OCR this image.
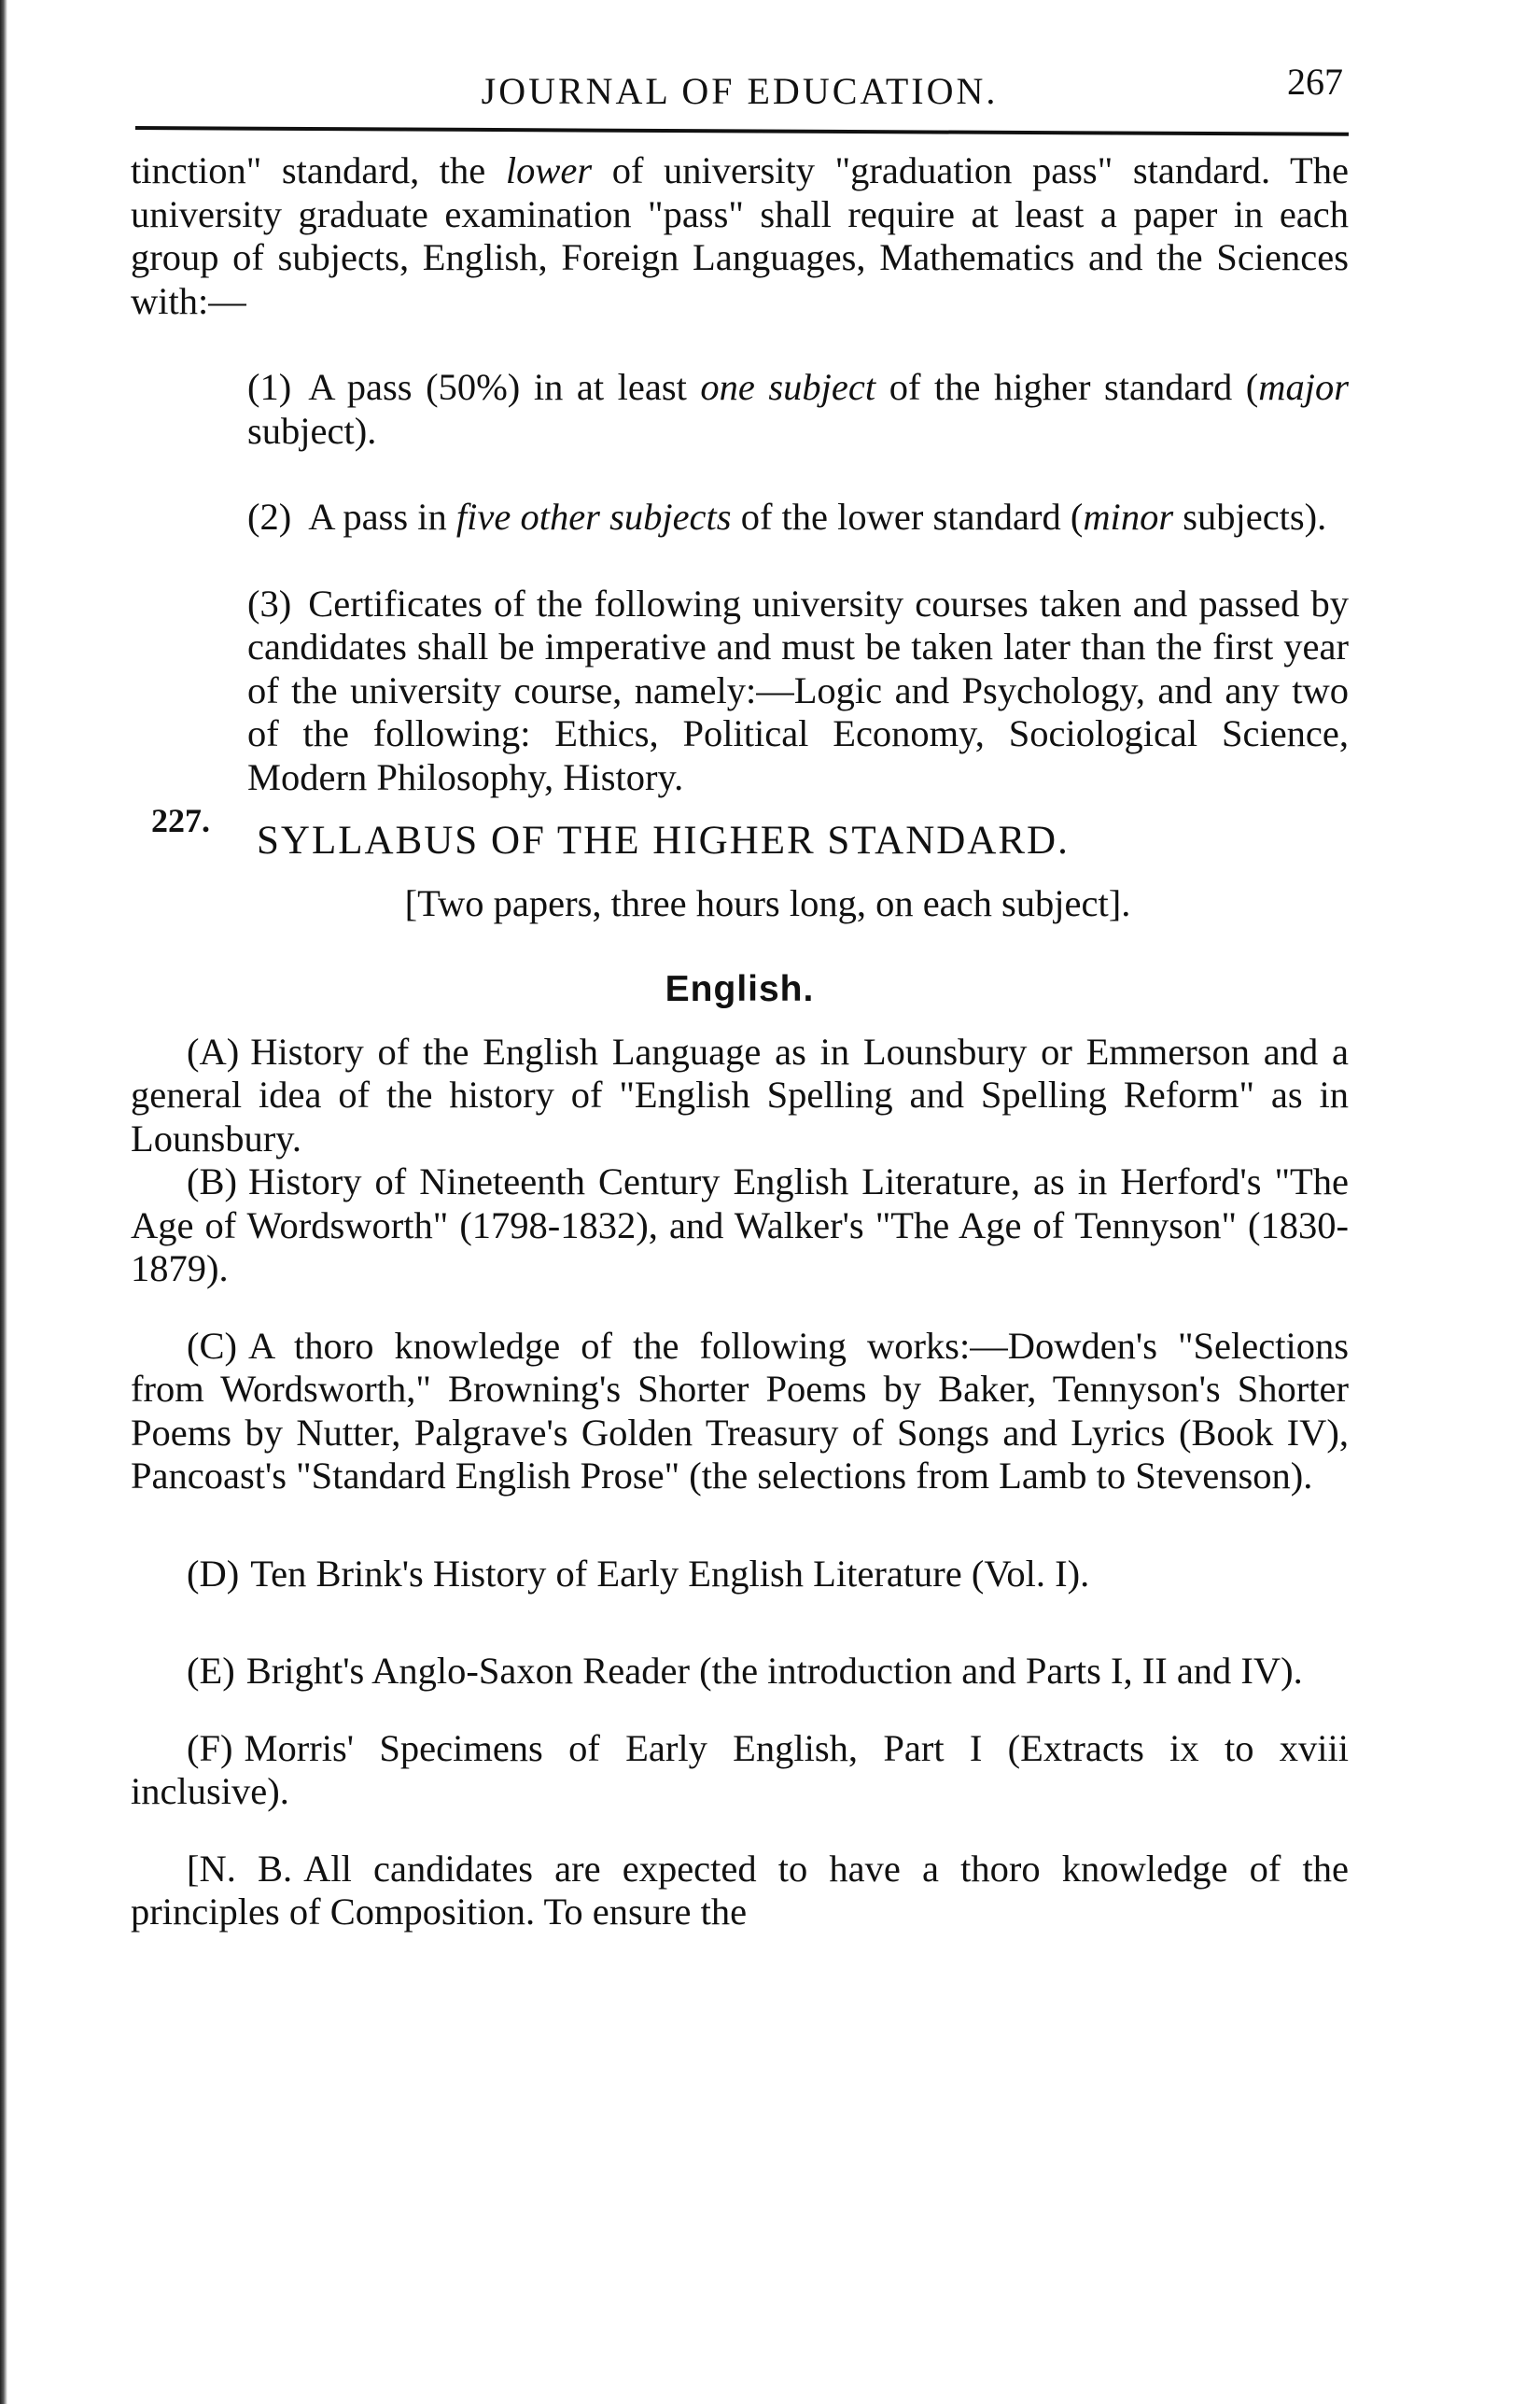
JOURNAL OF EDUCATION.	267

tinction" standard, the lower of university "graduation pass" standard. The university graduate examination "pass" shall require at least a paper in each group of subjects, English, Foreign Languages, Mathematics and the Sciences with:—

(1) A pass (50%) in at least one subject of the higher standard (major subject).

(2) A pass in five other subjects of the lower standard (minor subjects).

(3) Certificates of the following university courses taken and passed by candidates shall be imperative and must be taken later than the first year of the university course, namely:—Logic and Psychology, and any two of the following: Ethics, Political Economy, Sociological Science, Modern Philosophy, History.

227. SYLLABUS OF THE HIGHER STANDARD.

[Two papers, three hours long, on each subject].

English.

(A) History of the English Language as in Lounsbury or Emmerson and a general idea of the history of "English Spelling and Spelling Reform" as in Lounsbury.

(B) History of Nineteenth Century English Literature, as in Herford's "The Age of Wordsworth" (1798-1832), and Walker's "The Age of Tennyson" (1830-1879).

(C) A thoro knowledge of the following works:—Dowden's "Selections from Wordsworth," Browning's Shorter Poems by Baker, Tennyson's Shorter Poems by Nutter, Palgrave's Golden Treasury of Songs and Lyrics (Book IV), Pancoast's "Standard English Prose" (the selections from Lamb to Stevenson).

(D) Ten Brink's History of Early English Literature (Vol. I).

(E) Bright's Anglo-Saxon Reader (the introduction and Parts I, II and IV).

(F) Morris' Specimens of Early English, Part I (Extracts ix to xviii inclusive).

[N. B. All candidates are expected to have a thoro knowledge of the principles of Composition. To ensure the
